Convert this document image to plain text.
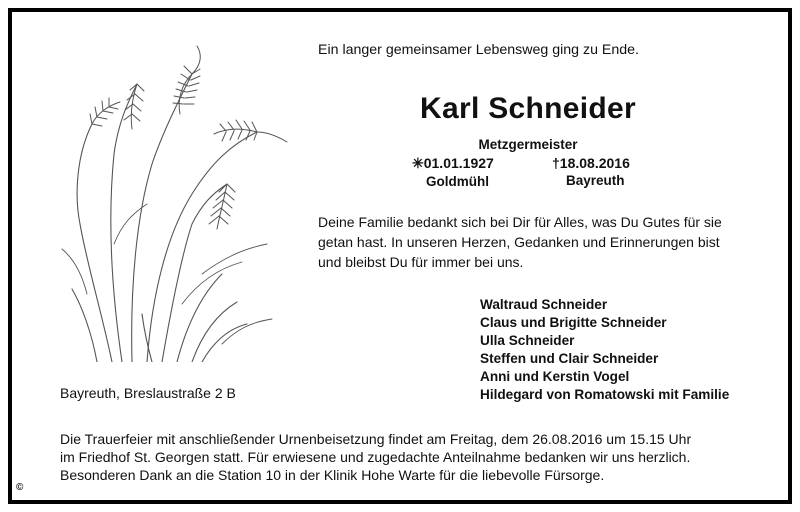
Ein langer gemeinsamer Lebensweg ging zu Ende.
Karl Schneider
Metzgermeister
✳01.01.1927
Goldmühl
†18.08.2016
Bayreuth
Deine Familie bedankt sich bei Dir für Alles, was Du Gutes für sie
getan hast. In unseren Herzen, Gedanken und Erinnerungen bist
und bleibst Du für immer bei uns.
Waltraud Schneider
Claus und Brigitte Schneider
Ulla Schneider
Steffen und Clair Schneider
Anni und Kerstin Vogel
Hildegard von Romatowski mit Familie
Bayreuth, Breslaustraße 2 B
Die Trauerfeier mit anschließender Urnenbeisetzung findet am Freitag, dem 26.08.2016 um 15.15 Uhr
im Friedhof St. Georgen statt. Für erwiesene und zugedachte Anteilnahme bedanken wir uns herzlich.
Besonderen Dank an die Station 10 in der Klinik Hohe Warte für die liebevolle Fürsorge.
©
